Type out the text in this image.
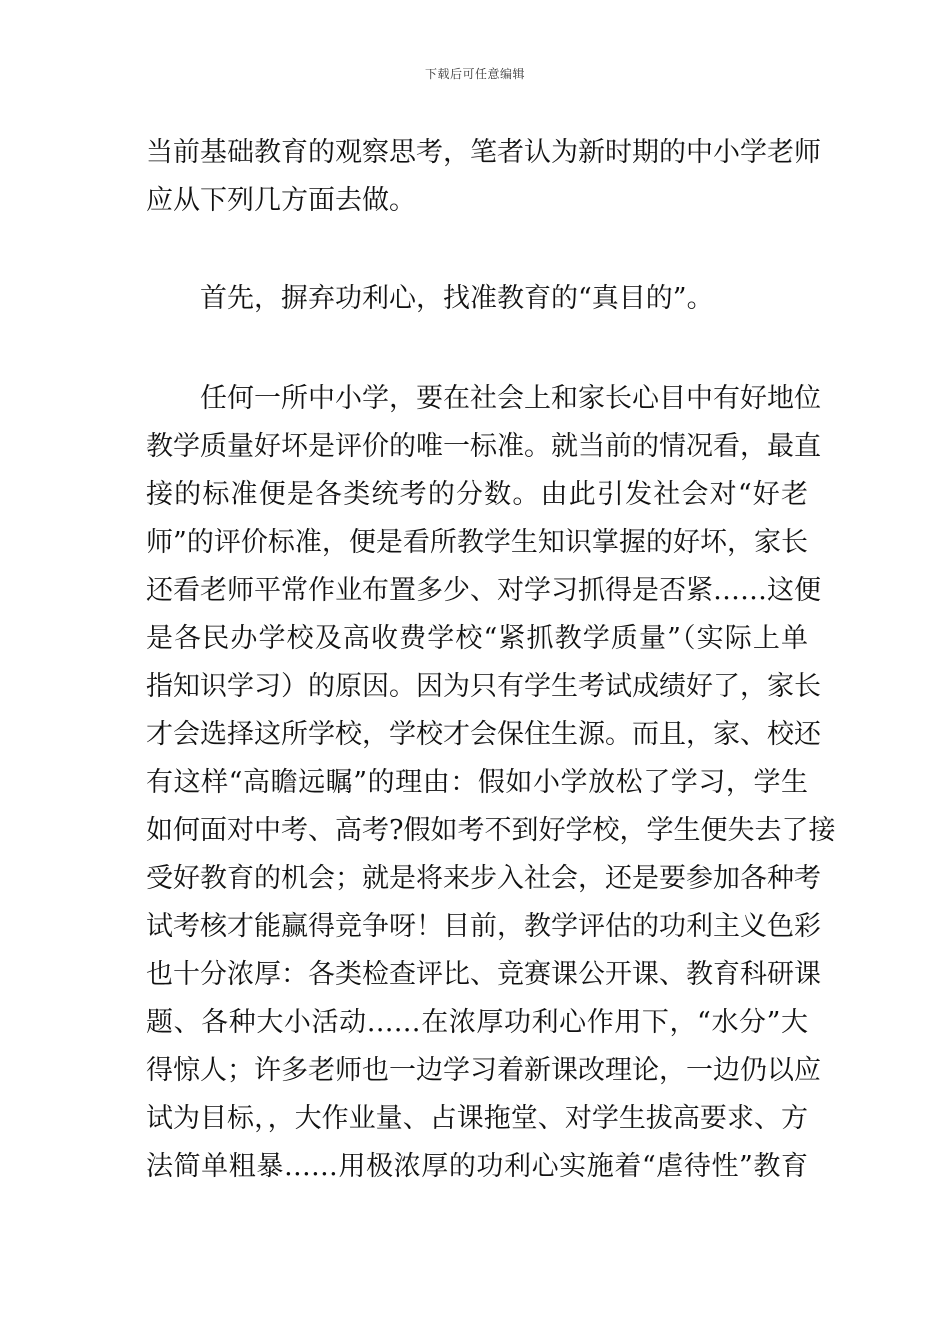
下载后可任意编辑
当前基础教育的观察思考，笔者认为新时期的中小学老师
应从下列几方面去做。
　　首先，摒弃功利心，找准教育的“真目的”。
　　任何一所中小学，要在社会上和家长心目中有好地位
教学质量好坏是评价的唯一标准。就当前的情况看，最直
接的标准便是各类统考的分数。由此引发社会对“好老
师”的评价标准，便是看所教学生知识掌握的好坏，家长
还看老师平常作业布置多少、对学习抓得是否紧……这便
是各民办学校及高收费学校“紧抓教学质量”（实际上单
指知识学习）的原因。因为只有学生考试成绩好了，家长
才会选择这所学校，学校才会保住生源。而且，家、校还
有这样“高瞻远瞩”的理由：假如小学放松了学习，学生
如何面对中考、高考?假如考不到好学校，学生便失去了接
受好教育的机会；就是将来步入社会，还是要参加各种考
试考核才能赢得竞争呀！目前，教学评估的功利主义色彩
也十分浓厚：各类检查评比、竞赛课公开课、教育科研课
题、各种大小活动……在浓厚功利心作用下，“水分”大
得惊人；许多老师也一边学习着新课改理论，一边仍以应
试为目标，，大作业量、占课拖堂、对学生拔高要求、方
法简单粗暴……用极浓厚的功利心实施着“虐待性”教育
